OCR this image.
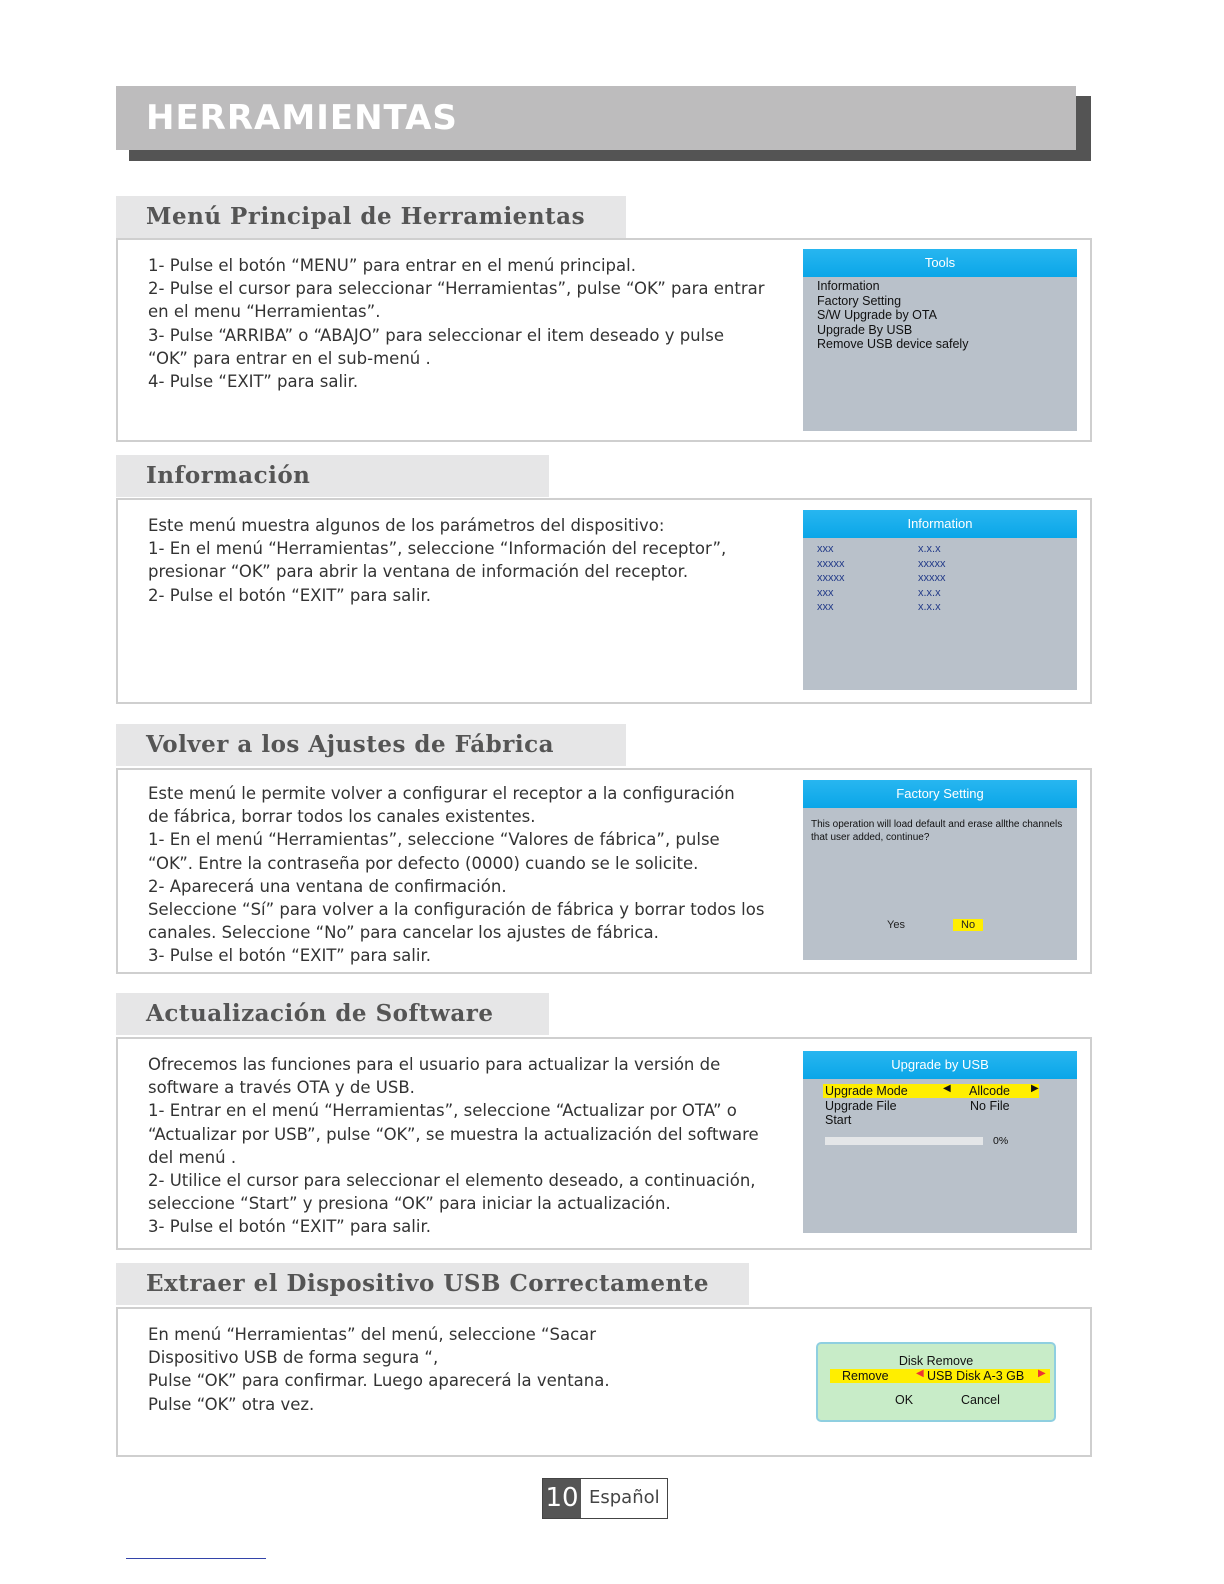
HERRAMIENTAS
Menú Principal de Herramientas
1- Pulse el botón “MENU” para entrar en el menú principal.
2- Pulse el cursor para seleccionar “Herramientas”, pulse “OK” para entrar
en el menu “Herramientas”.
3- Pulse “ARRIBA” o “ABAJO” para seleccionar el item deseado y pulse
“OK” para entrar en el sub-menú .
4- Pulse “EXIT” para salir.
Tools
Information
Factory Setting
S/W Upgrade by OTA
Upgrade By USB
Remove USB device safely
Información
Este menú muestra algunos de los parámetros del dispositivo:
1- En el menú “Herramientas”, seleccione “Información del receptor”,
presionar “OK” para abrir la ventana de información del receptor.
2- Pulse el botón “EXIT” para salir.
Information
xxx	x.x.x
xxxxx	xxxxx
xxxxx	xxxxx
xxx	x.x.x
xxx	x.x.x
Volver a los Ajustes de Fábrica
Este menú le permite volver a configurar el receptor a la configuración
de fábrica, borrar todos los canales existentes.
1- En el menú “Herramientas”, seleccione “Valores de fábrica”, pulse
“OK”. Entre la contraseña por defecto (0000) cuando se le solicite.
2- Aparecerá una ventana de confirmación.
Seleccione “Sí” para volver a la configuración de fábrica y borrar todos los
canales. Seleccione “No” para cancelar los ajustes de fábrica.
3- Pulse el botón “EXIT” para salir.
Factory Setting
This operation will load default and erase allthe channels that user added, continue?
Yes	No
Actualización de Software
Ofrecemos las funciones para el usuario para actualizar la versión de
software a través OTA y de USB.
1- Entrar en el menú “Herramientas”, seleccione “Actualizar por OTA” o
“Actualizar por USB”, pulse “OK”, se muestra la actualización del software
del menú .
2- Utilice el cursor para seleccionar el elemento deseado, a continuación,
seleccione “Start” y presiona “OK” para iniciar la actualización.
3- Pulse el botón “EXIT” para salir.
Upgrade by USB
Upgrade Mode	◀ Allcode ▶
Upgrade File	No File
Start
0%
Extraer el Dispositivo USB Correctamente
En menú “Herramientas” del menú, seleccione “Sacar
Dispositivo USB de forma segura “,
Pulse “OK” para confirmar. Luego aparecerá la ventana.
Pulse “OK” otra vez.
Disk Remove
Remove	◀ USB Disk A-3 GB ▶
OK	Cancel
10 Español
